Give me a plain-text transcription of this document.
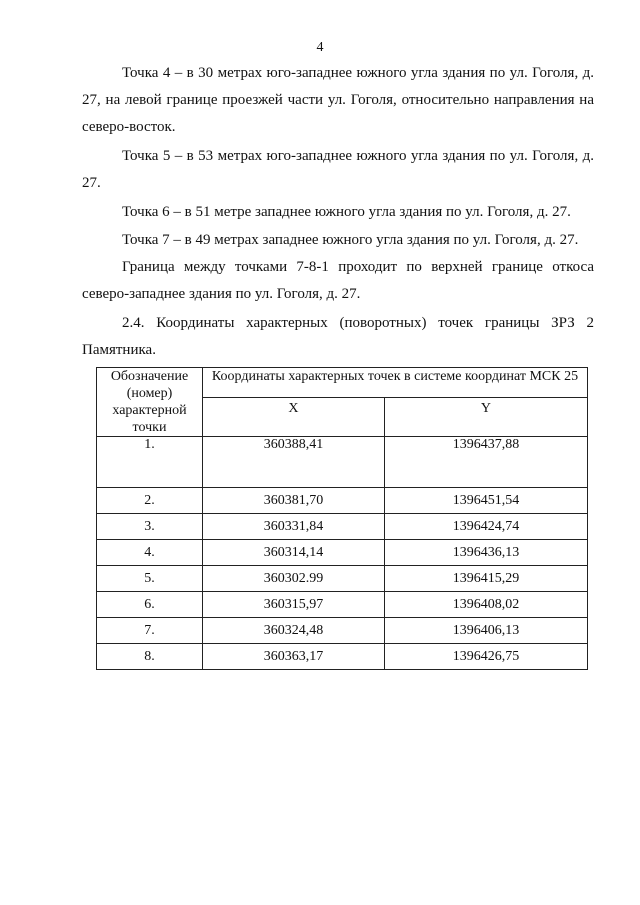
4

Точка 4 – в 30 метрах юго-западнее южного угла здания по ул. Гоголя, д. 27, на левой границе проезжей части ул. Гоголя, относительно направления на северо-восток.

Точка 5 – в 53 метрах юго-западнее южного угла здания по ул. Гоголя, д. 27.

Точка 6 – в 51 метре западнее южного угла здания по ул. Гоголя, д. 27.

Точка 7 – в 49 метрах западнее южного угла здания по ул. Гоголя, д. 27.

Граница между точками 7-8-1 проходит по верхней границе откоса северо-западнее здания по ул. Гоголя, д. 27.

2.4. Координаты характерных (поворотных) точек границы ЗРЗ 2 Памятника.

Обозначение (номер) характерной точки	Координаты характерных точек в системе координат МСК 25	
	X	Y
1.	360388,41	1396437,88
2.	360381,70	1396451,54
3.	360331,84	1396424,74
4.	360314,14	1396436,13
5.	360302.99	1396415,29
6.	360315,97	1396408,02
7.	360324,48	1396406,13
8.	360363,17	1396426,75
